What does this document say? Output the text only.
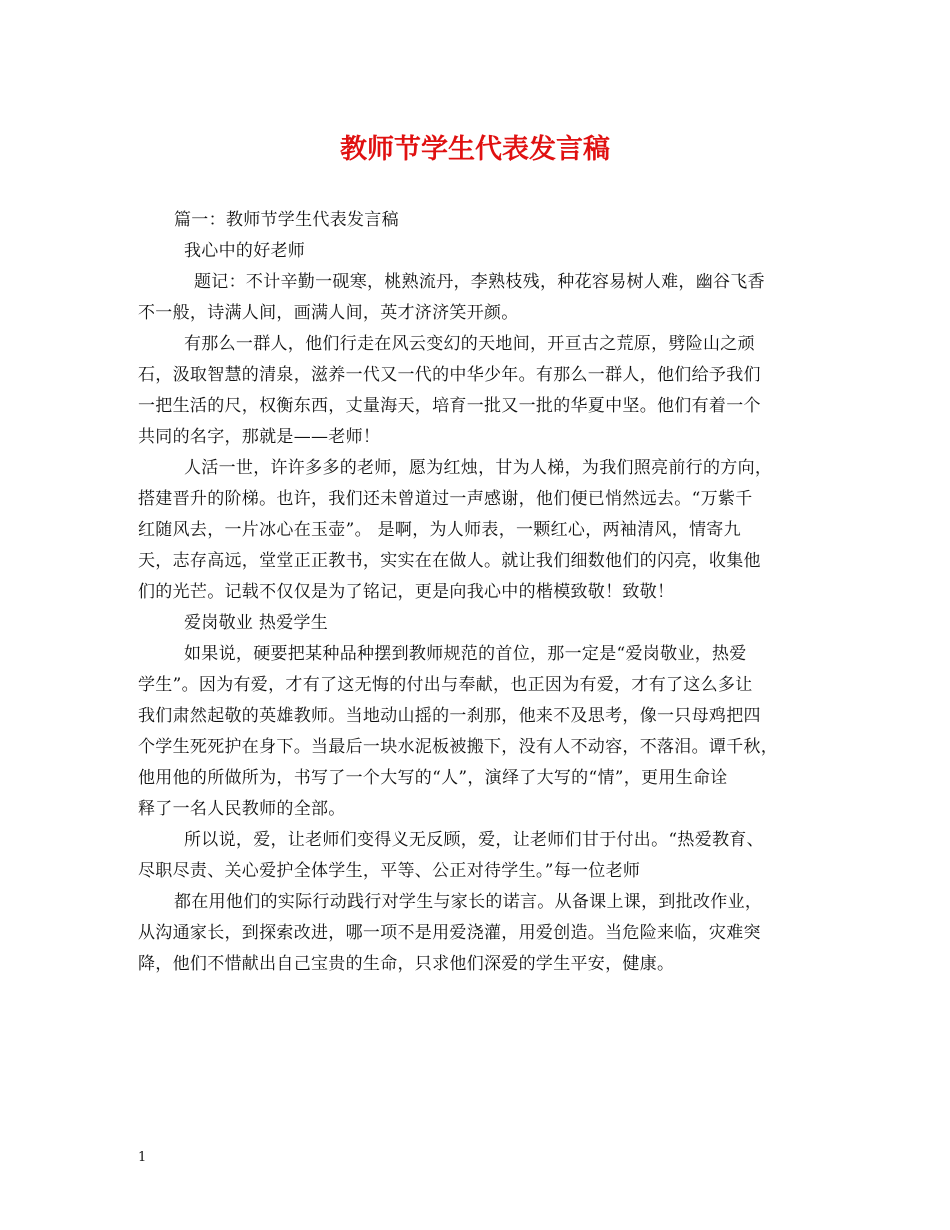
教师节学生代表发言稿
篇一：教师节学生代表发言稿
我心中的好老师
题记：不计辛勤一砚寒，桃熟流丹，李熟枝残，种花容易树人难，幽谷飞香
不一般，诗满人间，画满人间，英才济济笑开颜。
有那么一群人，他们行走在风云变幻的天地间，开亘古之荒原，劈险山之顽
石，汲取智慧的清泉，滋养一代又一代的中华少年。有那么一群人，他们给予我们
一把生活的尺，权衡东西，丈量海天，培育一批又一批的华夏中坚。他们有着一个
共同的名字，那就是——老师！
人活一世，许许多多的老师，愿为红烛，甘为人梯，为我们照亮前行的方向，
搭建晋升的阶梯。也许，我们还未曾道过一声感谢，他们便已悄然远去。“万紫千
红随风去，一片冰心在玉壶”。 是啊，为人师表，一颗红心，两袖清风，情寄九
天，志存高远，堂堂正正教书，实实在在做人。就让我们细数他们的闪亮，收集他
们的光芒。记载不仅仅是为了铭记，更是向我心中的楷模致敬！致敬！
爱岗敬业 热爱学生
如果说，硬要把某种品种摆到教师规范的首位，那一定是“爱岗敬业，热爱
学生”。因为有爱，才有了这无悔的付出与奉献，也正因为有爱，才有了这么多让
我们肃然起敬的英雄教师。当地动山摇的一刹那，他来不及思考，像一只母鸡把四
个学生死死护在身下。当最后一块水泥板被搬下，没有人不动容，不落泪。谭千秋，
他用他的所做所为，书写了一个大写的“人”，演绎了大写的“情”，更用生命诠
释了一名人民教师的全部。
所以说，爱，让老师们变得义无反顾，爱，让老师们甘于付出。“热爱教育、
尽职尽责、关心爱护全体学生，平等、公正对待学生。”每一位老师
都在用他们的实际行动践行对学生与家长的诺言。从备课上课，到批改作业，
从沟通家长，到探索改进，哪一项不是用爱浇灌，用爱创造。当危险来临，灾难突
降，他们不惜献出自己宝贵的生命，只求他们深爱的学生平安，健康。
1
